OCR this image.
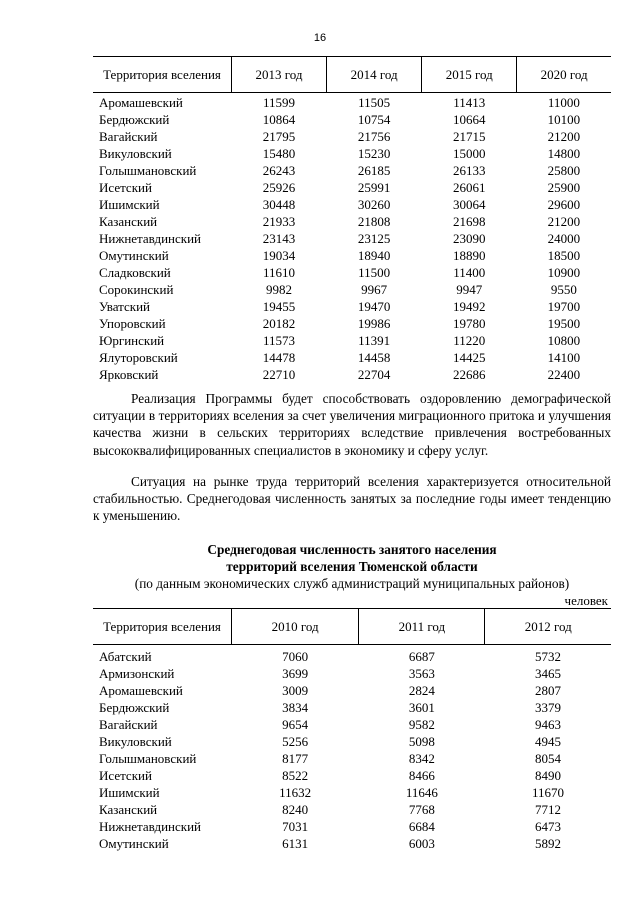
16
Территория вселения	2013 год	2014 год	2015 год	2020 год
Аромашевский	11599	11505	11413	11000
Бердюжский	10864	10754	10664	10100
Вагайский	21795	21756	21715	21200
Викуловский	15480	15230	15000	14800
Голышмановский	26243	26185	26133	25800
Исетский	25926	25991	26061	25900
Ишимский	30448	30260	30064	29600
Казанский	21933	21808	21698	21200
Нижнетавдинский	23143	23125	23090	24000
Омутинский	19034	18940	18890	18500
Сладковский	11610	11500	11400	10900
Сорокинский	9982	9967	9947	9550
Уватский	19455	19470	19492	19700
Упоровский	20182	19986	19780	19500
Юргинский	11573	11391	11220	10800
Ялуторовский	14478	14458	14425	14100
Ярковский	22710	22704	22686	22400

Реализация Программы будет способствовать оздоровлению демографической ситуации в территориях вселения за счет увеличения миграционного притока и улучшения качества жизни в сельских территориях вследствие привлечения востребованных высококвалифицированных специалистов в экономику и сферу услуг.

Ситуация на рынке труда территорий вселения характеризуется относительной стабильностью. Среднегодовая численность занятых за последние годы имеет тенденцию к уменьшению.

Среднегодовая численность занятого населения
территорий вселения Тюменской области
(по данным экономических служб администраций муниципальных районов)
человек
Территория вселения	2010 год	2011 год	2012 год
Абатский	7060	6687	5732
Армизонский	3699	3563	3465
Аромашевский	3009	2824	2807
Бердюжский	3834	3601	3379
Вагайский	9654	9582	9463
Викуловский	5256	5098	4945
Голышмановский	8177	8342	8054
Исетский	8522	8466	8490
Ишимский	11632	11646	11670
Казанский	8240	7768	7712
Нижнетавдинский	7031	6684	6473
Омутинский	6131	6003	5892
